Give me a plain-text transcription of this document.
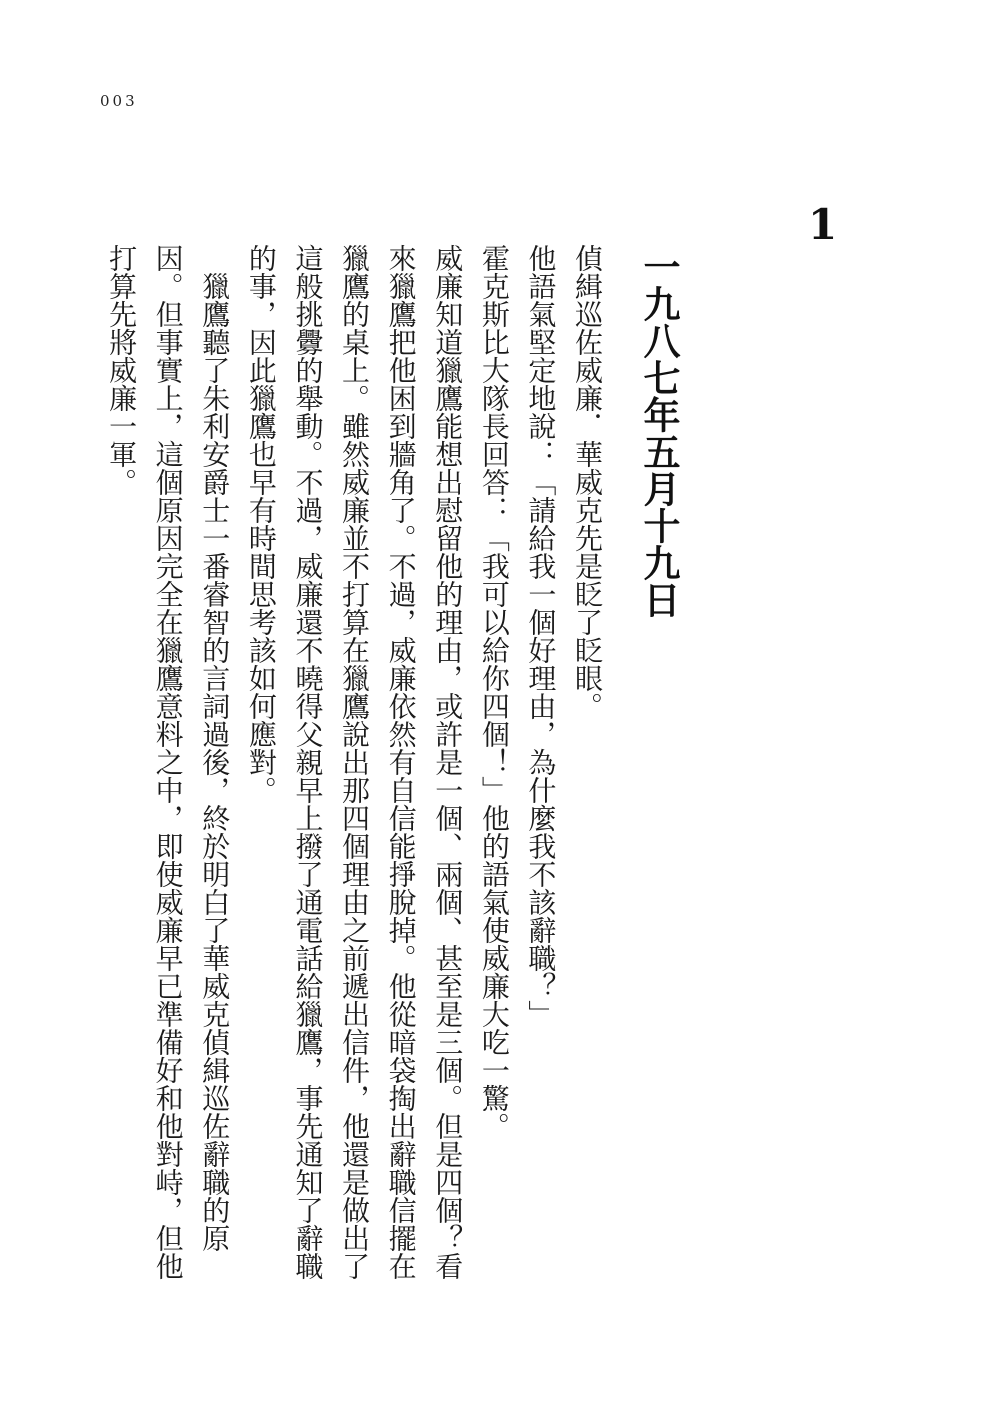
003
1
一九八七年五月十九日

偵緝巡佐威廉．華威克先是眨了眨眼。

他語氣堅定地說：「請給我一個好理由，為什麼我不該辭職？」

霍克斯比大隊長回答：「我可以給你四個！」他的語氣使威廉大吃一驚。

威廉知道獵鷹能想出慰留他的理由，或許是一個、兩個、甚至是三個。但是四個？看來獵鷹把他困到牆角了。不過，威廉依然有自信能掙脫掉。他從暗袋掏出辭職信擺在獵鷹的桌上。雖然威廉並不打算在獵鷹說出那四個理由之前遞出信件，他還是做出了這般挑釁的舉動。不過，威廉還不曉得父親早上撥了通電話給獵鷹，事先通知了辭職的事，因此獵鷹也早有時間思考該如何應對。

獵鷹聽了朱利安爵士一番睿智的言詞過後，終於明白了華威克偵緝巡佐辭職的原因。但事實上，這個原因完全在獵鷹意料之中，即使威廉早已準備好和他對峙，但他打算先將威廉一軍。
